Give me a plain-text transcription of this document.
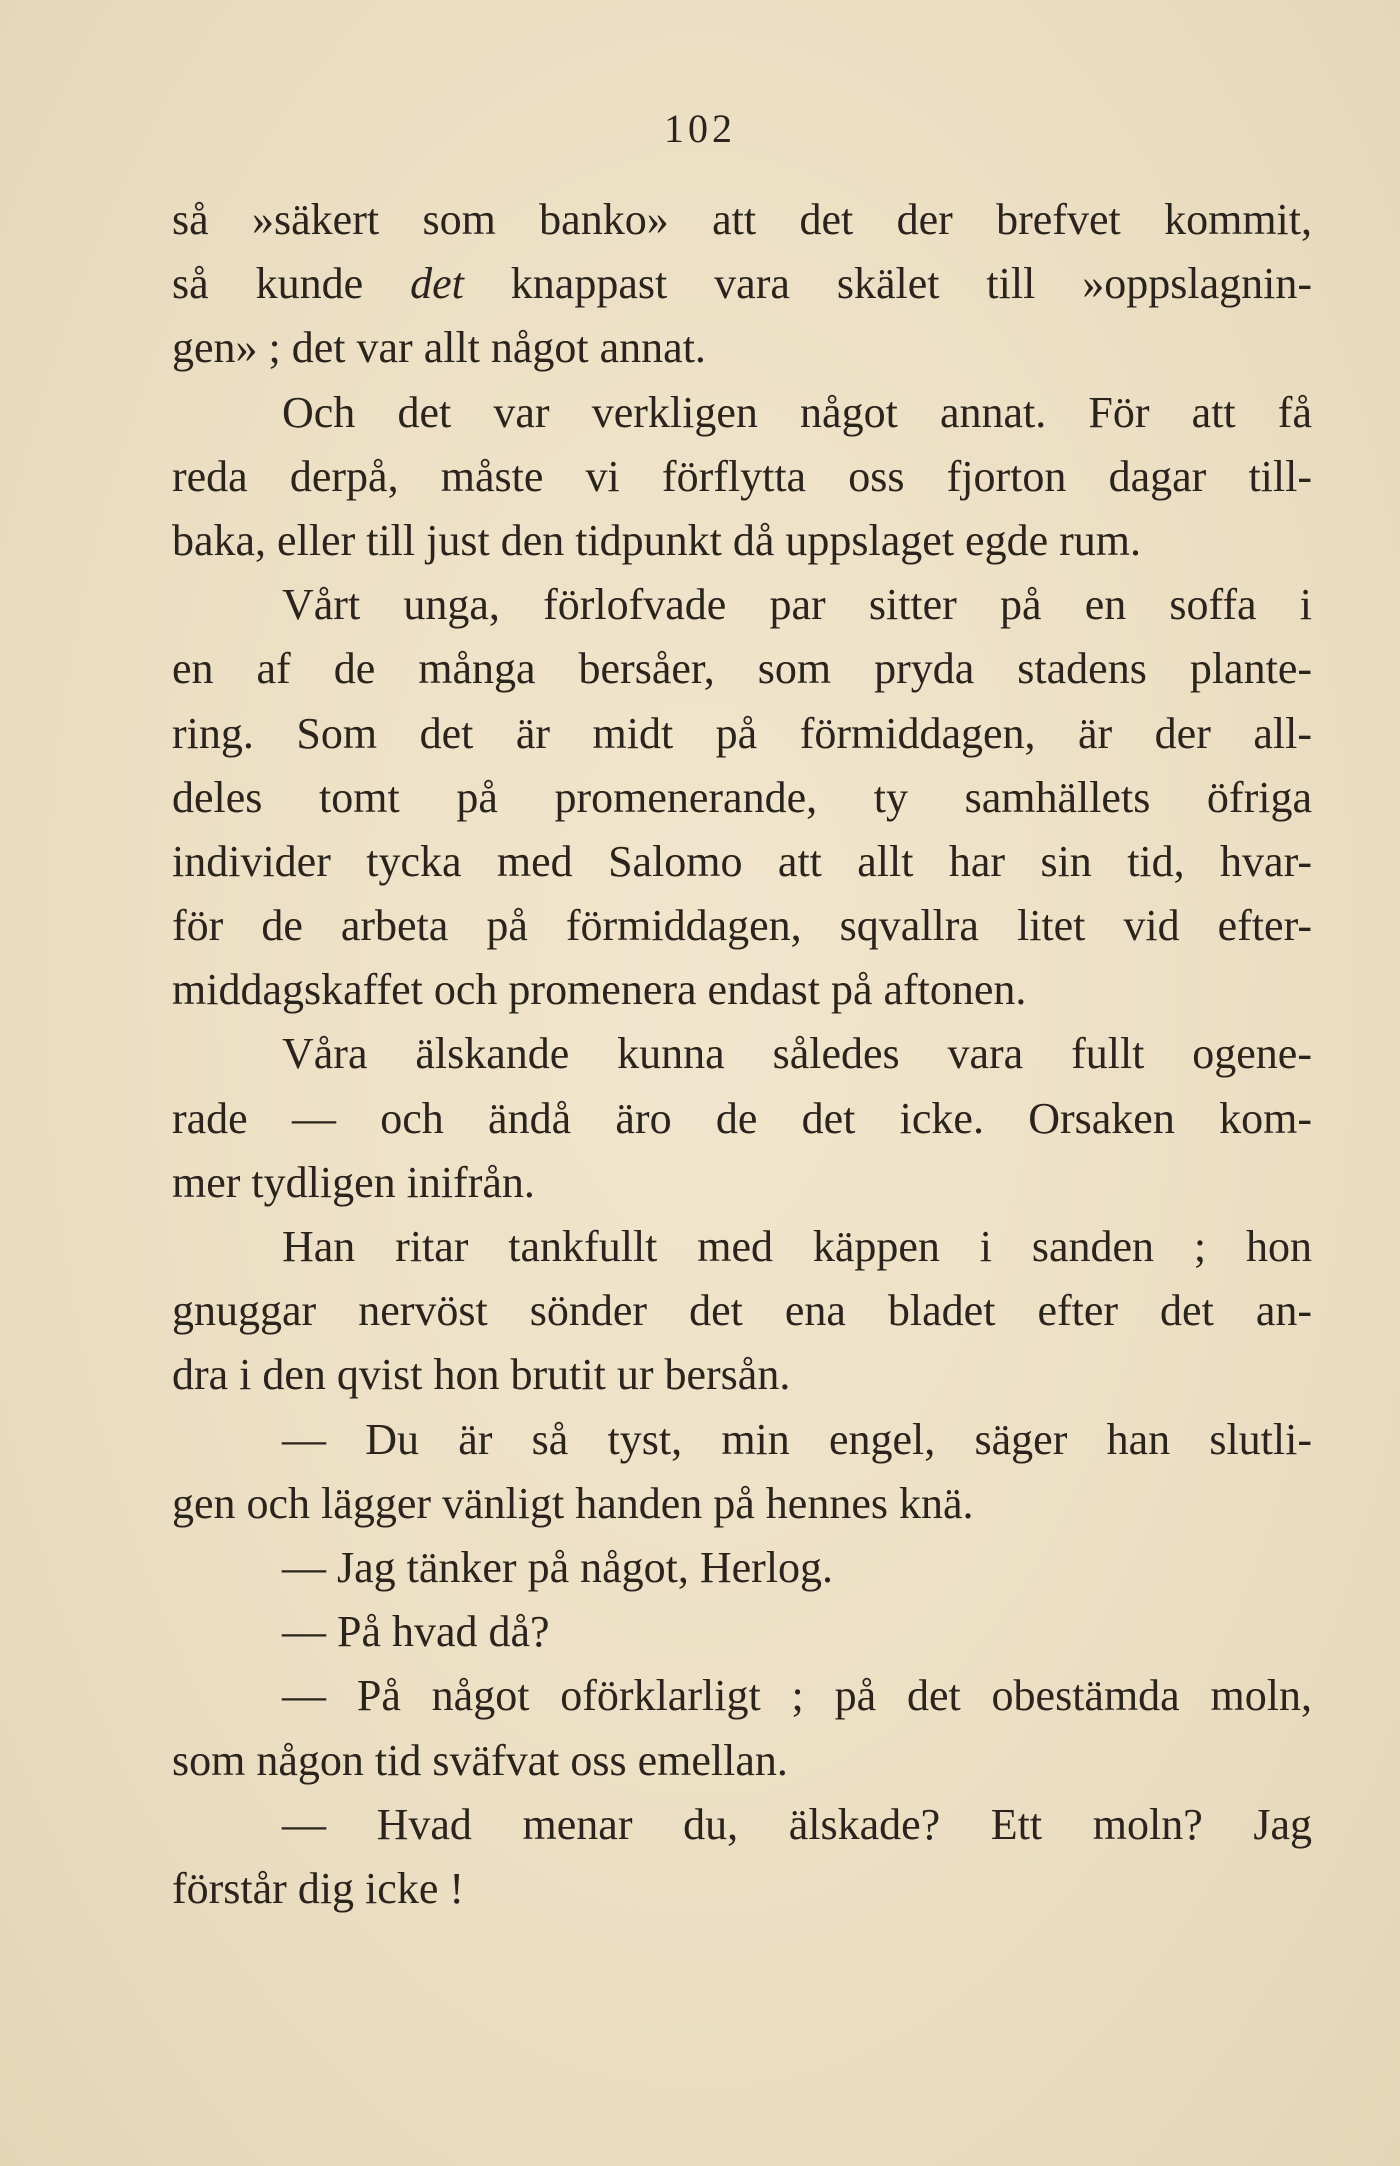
102
så »säkert som banko» att det der brefvet kommit,
så kunde det knappast vara skälet till »oppslagnin-
gen» ; det var allt något annat.
Och det var verkligen något annat. För att få
reda derpå, måste vi förflytta oss fjorton dagar till-
baka, eller till just den tidpunkt då uppslaget egde rum.
Vårt unga, förlofvade par sitter på en soffa i
en af de många bersåer, som pryda stadens plante-
ring. Som det är midt på förmiddagen, är der all-
deles tomt på promenerande, ty samhällets öfriga
individer tycka med Salomo att allt har sin tid, hvar-
för de arbeta på förmiddagen, sqvallra litet vid efter-
middagskaffet och promenera endast på aftonen.
Våra älskande kunna således vara fullt ogene-
rade — och ändå äro de det icke. Orsaken kom-
mer tydligen inifrån.
Han ritar tankfullt med käppen i sanden ; hon
gnuggar nervöst sönder det ena bladet efter det an-
dra i den qvist hon brutit ur bersån.
— Du är så tyst, min engel, säger han slutli-
gen och lägger vänligt handen på hennes knä.
— Jag tänker på något, Herlog.
— På hvad då?
— På något oförklarligt ; på det obestämda moln,
som någon tid sväfvat oss emellan.
— Hvad menar du, älskade? Ett moln? Jag
förstår dig icke !
